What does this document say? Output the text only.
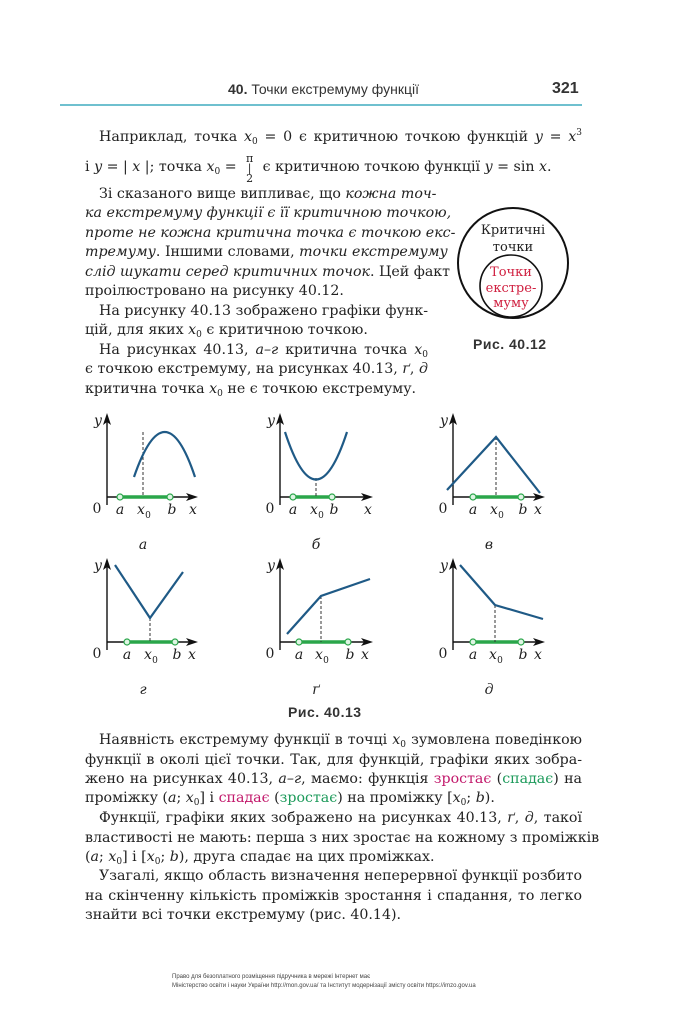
40. Точки екстремуму функції	321
Наприклад, точка $x_0 = 0$ є критичною точкою функцій $y = x^3$
і y = | x |; точка $x_0 = \pi|2$ є критичною точкою функції y = sin x.
Зі сказаного вище випливає, що кожна точ-
ка екстремуму функції є її критичною точкою,
проте не кожна критична точка є точкою екс-
тремуму. Іншими словами, точки екстремуму
слід шукати серед критичних точок. Цей факт
проілюстровано на рисунку 40.12.
На рисунку 40.13 зображено графіки функ-
цій, для яких $x_0$ є критичною точкою.
На рисунках 40.13, а–г критична точка $x_0$
є точкою екстремуму, на рисунках 40.13, ґ, д
критична точка $x_0$ не є точкою екстремуму.
Наявність екстремуму функції в точці $x_0$ зумовлена поведінкою
функції в околі цієї точки. Так, для функцій, графіки яких зобра-
жено на рисунках 40.13, а–г, маємо: функція зростає (спадає) на
проміжку (a; $x_0$] і спадає (зростає) на проміжку [$x_0$; b).
Функції, графіки яких зображено на рисунках 40.13, ґ, д, такої
властивості не мають: перша з них зростає на кожному з проміжків
(a; $x_0$] і [$x_0$; b), друга спадає на цих проміжках.
Узагалі, якщо область визначення неперервної функції розбито
на скінченну кількість проміжків зростання і спадання, то легко
знайти всі точки екстремуму (рис. 40.14).
Критичні
точки
Точки
екстре-
муму
Рис. 40.12
0
y
a x 0 b x
а
0
y
a x 0 b x
б
0
y
a x 0 b x
в
0
y
a x 0 b x
г
0
y
a x 0 b x
ґ
0
y
a x 0 b x
д
Рис. 40.13
Право для безоплатного розміщення підручника в мережі Інтернет має
Міністерство освіти і науки України http://mon.gov.ua/ та Інститут модернізації змісту освіти https://imzo.gov.ua
